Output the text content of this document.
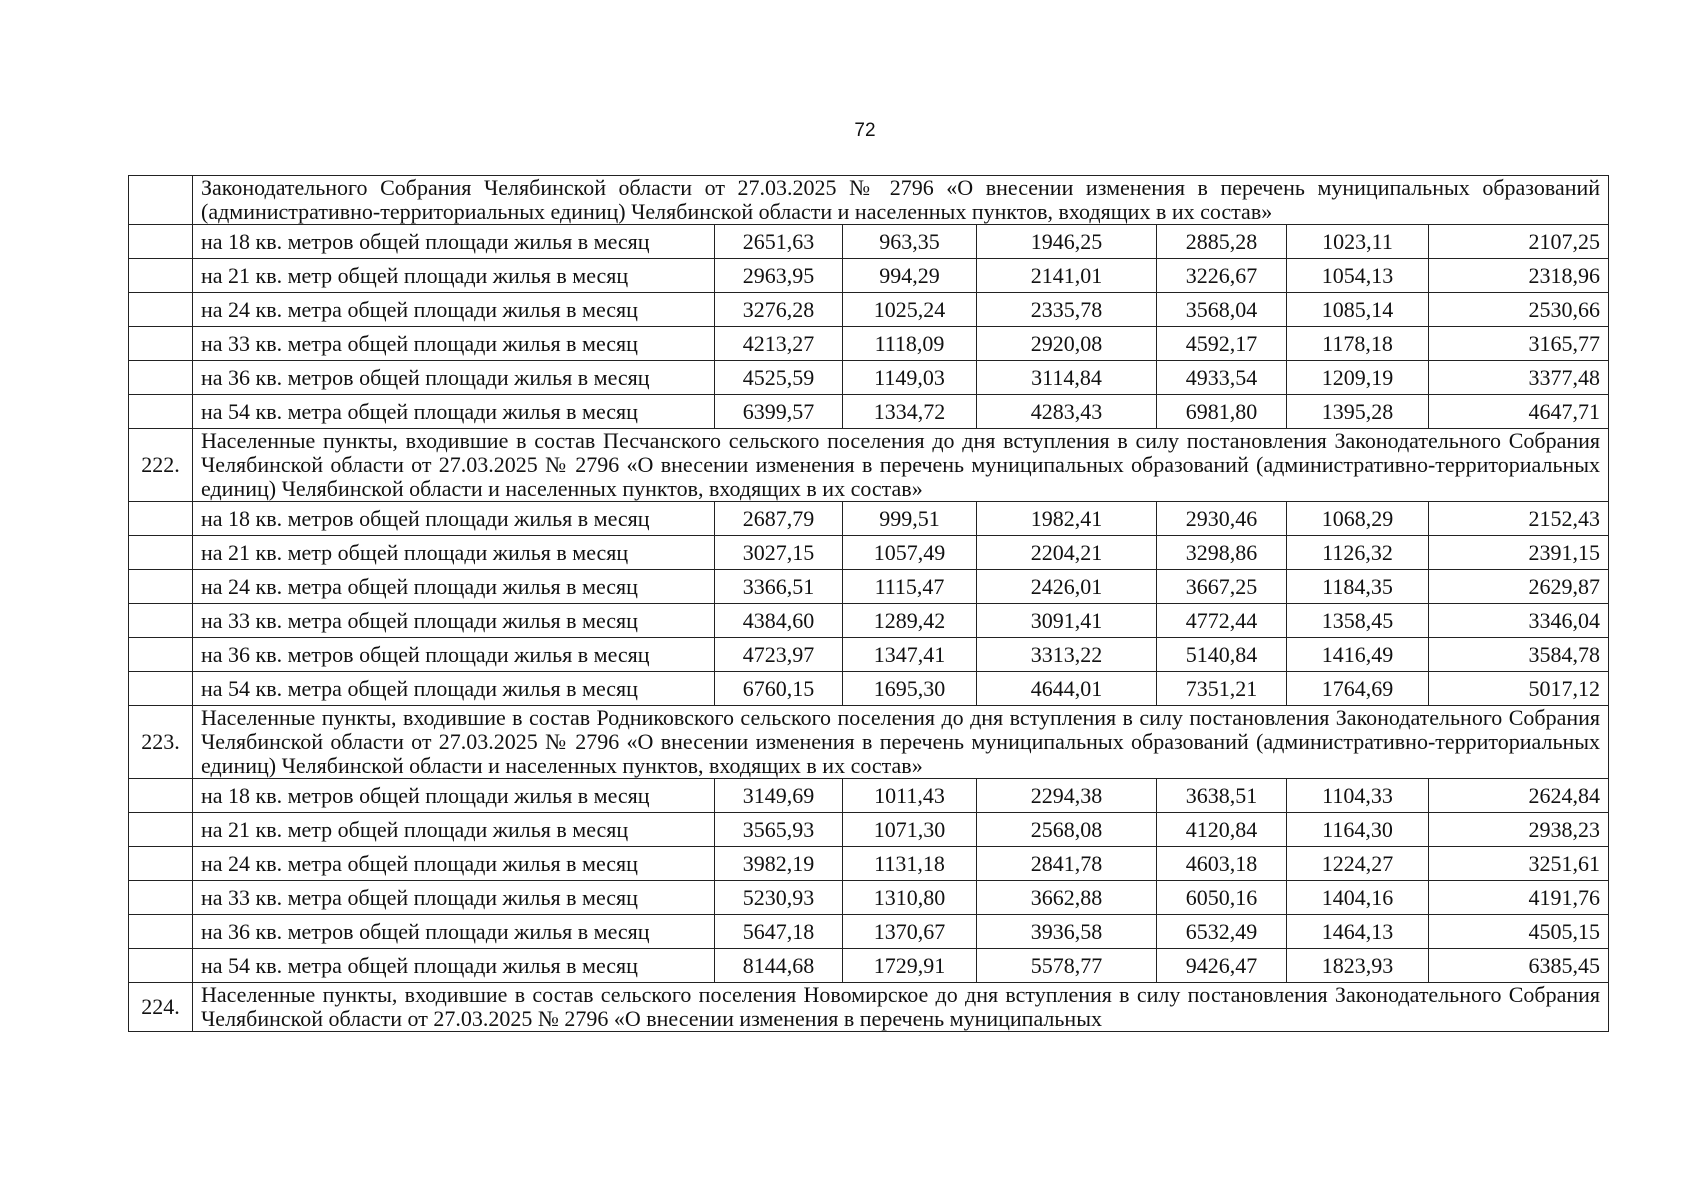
72
	Законодательного Собрания Челябинской области от 27.03.2025 № 2796 «О внесении изменения в перечень муниципальных образований (административно-территориальных единиц) Челябинской области и населенных пунктов, входящих в их состав»						
	на 18 кв. метров общей площади жилья в месяц	2651,63	963,35	1946,25	2885,28	1023,11	2107,25
	на 21 кв. метр общей площади жилья в месяц	2963,95	994,29	2141,01	3226,67	1054,13	2318,96
	на 24 кв. метра общей площади жилья в месяц	3276,28	1025,24	2335,78	3568,04	1085,14	2530,66
	на 33 кв. метра общей площади жилья в месяц	4213,27	1118,09	2920,08	4592,17	1178,18	3165,77
	на 36 кв. метров общей площади жилья в месяц	4525,59	1149,03	3114,84	4933,54	1209,19	3377,48
	на 54 кв. метра общей площади жилья в месяц	6399,57	1334,72	4283,43	6981,80	1395,28	4647,71
222.	Населенные пункты, входившие в состав Песчанского сельского поселения до дня вступления в силу постановления Законодательного Собрания Челябинской области от 27.03.2025 № 2796 «О внесении изменения в перечень муниципальных образований (административно-территориальных единиц) Челябинской области и населенных пунктов, входящих в их состав»						
	на 18 кв. метров общей площади жилья в месяц	2687,79	999,51	1982,41	2930,46	1068,29	2152,43
	на 21 кв. метр общей площади жилья в месяц	3027,15	1057,49	2204,21	3298,86	1126,32	2391,15
	на 24 кв. метра общей площади жилья в месяц	3366,51	1115,47	2426,01	3667,25	1184,35	2629,87
	на 33 кв. метра общей площади жилья в месяц	4384,60	1289,42	3091,41	4772,44	1358,45	3346,04
	на 36 кв. метров общей площади жилья в месяц	4723,97	1347,41	3313,22	5140,84	1416,49	3584,78
	на 54 кв. метра общей площади жилья в месяц	6760,15	1695,30	4644,01	7351,21	1764,69	5017,12
223.	Населенные пункты, входившие в состав Родниковского сельского поселения до дня вступления в силу постановления Законодательного Собрания Челябинской области от 27.03.2025 № 2796 «О внесении изменения в перечень муниципальных образований (административно-территориальных единиц) Челябинской области и населенных пунктов, входящих в их состав»						
	на 18 кв. метров общей площади жилья в месяц	3149,69	1011,43	2294,38	3638,51	1104,33	2624,84
	на 21 кв. метр общей площади жилья в месяц	3565,93	1071,30	2568,08	4120,84	1164,30	2938,23
	на 24 кв. метра общей площади жилья в месяц	3982,19	1131,18	2841,78	4603,18	1224,27	3251,61
	на 33 кв. метра общей площади жилья в месяц	5230,93	1310,80	3662,88	6050,16	1404,16	4191,76
	на 36 кв. метров общей площади жилья в месяц	5647,18	1370,67	3936,58	6532,49	1464,13	4505,15
	на 54 кв. метра общей площади жилья в месяц	8144,68	1729,91	5578,77	9426,47	1823,93	6385,45
224.	Населенные пункты, входившие в состав сельского поселения Новомирское до дня вступления в силу постановления Законодательного Собрания Челябинской области от 27.03.2025 № 2796 «О внесении изменения в перечень муниципальных						
